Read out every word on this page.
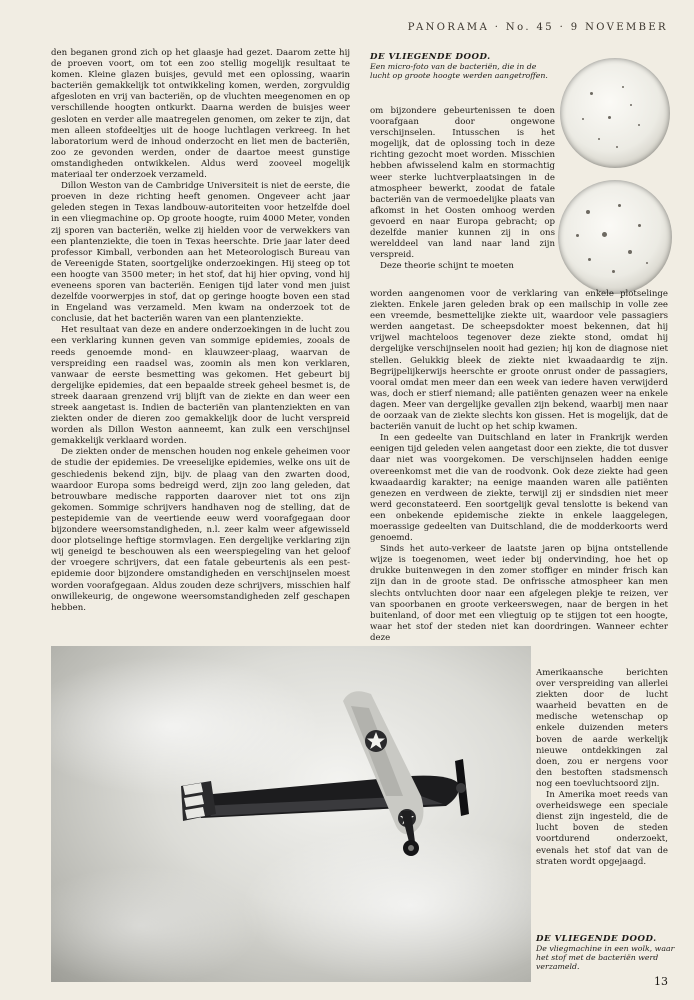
PANORAMA · No. 45 · 9 NOVEMBER

den beganen grond zich op het glaasje had gezet. Daarom zette hij de proeven voort, om tot een zoo stellig mogelijk resultaat te komen. Kleine glazen buisjes, gevuld met een oplossing, waarin bacteriën gemakkelijk tot ontwikkeling komen, werden, zorgvuldig afgesloten en vrij van bacteriën, op de vluchten meegenomen en op verschillende hoogten ontkurkt. Daarna werden de buisjes weer gesloten en verder alle maatregelen genomen, om zeker te zijn, dat men alleen stofdeeltjes uit de hooge luchtlagen verkreeg. In het laboratorium werd de inhoud onderzocht en liet men de bacteriën, zoo ze gevonden werden, onder de daartoe meest gunstige omstandigheden ontwikkelen. Aldus werd zooveel mogelijk materiaal ter onderzoek verzameld.

Dillon Weston van de Cambridge Universiteit is niet de eerste, die proeven in deze richting heeft genomen. Ongeveer acht jaar geleden stegen in Texas landbouw-autoriteiten voor hetzelfde doel in een vliegmachine op. Op groote hoogte, ruim 4000 Meter, vonden zij sporen van bacteriën, welke zij hielden voor de verwekkers van een plantenziekte, die toen in Texas heerschte. Drie jaar later deed professor Kimball, verbonden aan het Meteorologisch Bureau van de Vereenigde Staten, soortgelijke onderzoekingen. Hij steeg op tot een hoogte van 3500 meter; in het stof, dat hij hier opving, vond hij eveneens sporen van bacteriën. Eenigen tijd later vond men juist dezelfde voorwerpjes in stof, dat op geringe hoogte boven een stad in Engeland was verzameld. Men kwam na onderzoek tot de conclusie, dat het bacteriën waren van een plantenziekte.

Het resultaat van deze en andere onderzoekingen in de lucht zou een verklaring kunnen geven van sommige epidemies, zooals de reeds genoemde mond- en klauwzeer-plaag, waarvan de verspreiding een raadsel was, zoomin als men kon verklaren, vanwaar de eerste besmetting was gekomen. Het gebeurt bij dergelijke epidemies, dat een bepaalde streek geheel besmet is, de streek daaraan grenzend vrij blijft van de ziekte en dan weer een streek aangetast is. Indien de bacteriën van plantenziekten en van ziekten onder de dieren zoo gemakkelijk door de lucht verspreid worden als Dillon Weston aanneemt, kan zulk een verschijnsel gemakkelijk verklaard worden.

De ziekten onder de menschen houden nog enkele geheimen voor de studie der epidemies. De vreeselijke epidemies, welke ons uit de geschiedenis bekend zijn, bijv. de plaag van den zwarten dood, waardoor Europa soms bedreigd werd, zijn zoo lang geleden, dat betrouwbare medische rapporten daarover niet tot ons zijn gekomen. Sommige schrijvers handhaven nog de stelling, dat de pestepidemie van de veertiende eeuw werd voorafgegaan door bijzondere weersomstandigheden, n.l. zeer kalm weer afgewisseld door plotselinge heftige stormvlagen. Een dergelijke verklaring zijn wij geneigd te beschouwen als een weerspiegeling van het geloof der vroegere schrijvers, dat een fatale gebeurtenis als een pest-epidemie door bijzondere omstandigheden en verschijnselen moest worden voorafgegaan. Aldus zouden deze schrijvers, misschien half onwillekeurig, de ongewone weersomstandigheden zelf geschapen hebben.

DE VLIEGENDE DOOD.
Een micro-foto van de bacteriën, die in de lucht op groote hoogte werden aangetroffen.

om bijzondere gebeurtenissen te doen voorafgaan door ongewone verschijnselen. Intusschen is het mogelijk, dat de oplossing toch in deze richting gezocht moet worden. Misschien hebben afwisselend kalm en stormachtig weer sterke luchtverplaatsingen in de atmospheer bewerkt, zoodat de fatale bacteriën van de vermoedelijke plaats van afkomst in het Oosten omhoog werden gevoerd en naar Europa gebracht; op dezelfde manier kunnen zij in ons werelddeel van land naar land zijn verspreid.

Deze theorie schijnt te moeten

worden aangenomen voor de verklaring van enkele plotselinge ziekten. Enkele jaren geleden brak op een mailschip in volle zee een vreemde, besmettelijke ziekte uit, waardoor vele passagiers werden aangetast. De scheepsdokter moest bekennen, dat hij vrijwel machteloos tegenover deze ziekte stond, omdat hij dergelijke verschijnselen nooit had gezien; hij kon de diagnose niet stellen. Gelukkig bleek de ziekte niet kwaadaardig te zijn. Begrijpelijkerwijs heerschte er groote onrust onder de passagiers, vooral omdat men meer dan een week van iedere haven verwijderd was, doch er stierf niemand; alle patiënten genazen weer na enkele dagen. Meer van dergelijke gevallen zijn bekend, waarbij men naar de oorzaak van de ziekte slechts kon gissen. Het is mogelijk, dat de bacteriën vanuit de lucht op het schip kwamen.

In een gedeelte van Duitschland en later in Frankrijk werden eenigen tijd geleden velen aangetast door een ziekte, die tot dusver daar niet was voorgekomen. De verschijnselen hadden eenige overeenkomst met die van de roodvonk. Ook deze ziekte had geen kwaadaardig karakter; na eenige maanden waren alle patiënten genezen en verdween de ziekte, terwijl zij er sindsdien niet meer werd geconstateerd. Een soortgelijk geval tenslotte is bekend van een onbekende epidemische ziekte in enkele laaggelegen, moerassige gedeelten van Duitschland, die de modderkoorts werd genoemd.

Sinds het auto-verkeer de laatste jaren op bijna ontstellende wijze is toegenomen, weet ieder bij ondervinding, hoe het op drukke buitenwegen in den zomer stoffiger en minder frisch kan zijn dan in de groote stad. De onfrissche atmospheer kan men slechts ontvluchten door naar een afgelegen plekje te reizen, ver van spoorbanen en groote verkeerswegen, naar de bergen in het buitenland, of door met een vliegtuig op te stijgen tot een hoogte, waar het stof der steden niet kan doordringen. Wanneer echter deze

Amerikaansche berichten over verspreiding van allerlei ziekten door de lucht waarheid bevatten en de medische wetenschap op enkele duizenden meters boven de aarde werkelijk nieuwe ontdekkingen zal doen, zou er nergens voor den bestoften stadsmensch nog een toevluchtsoord zijn.

In Amerika moet reeds van overheidswege een speciale dienst zijn ingesteld, die de lucht boven de steden voortdurend onderzoekt, evenals het stof dat van de straten wordt opgejaagd.

DE VLIEGENDE DOOD.
De vliegmachine in een wolk, waar het stof met de bacteriën werd verzameld.
13
